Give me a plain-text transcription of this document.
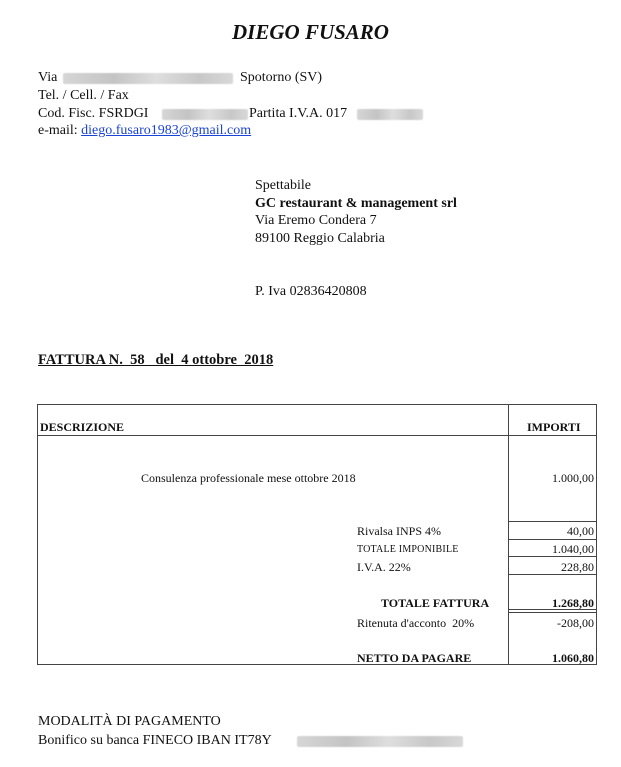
DIEGO FUSARO
Via	Spotorno (SV)
Tel. / Cell. / Fax
Cod. Fisc. FSRDGI	Partita I.V.A. 017
e-mail: diego.fusaro1983@gmail.com
Spettabile
GC restaurant & management srl
Via Eremo Condera 7
89100 Reggio Calabria
P. Iva 02836420808
FATTURA N.  58   del  4 ottobre  2018
DESCRIZIONE	IMPORTI
Consulenza professionale mese ottobre 2018	1.000,00
Rivalsa INPS 4%	40,00
TOTALE IMPONIBILE	1.040,00
I.V.A. 22%	228,80
TOTALE FATTURA	1.268,80
Ritenuta d'acconto  20%	-208,00
NETTO DA PAGARE	1.060,80
MODALITÀ DI PAGAMENTO
Bonifico su banca FINECO IBAN IT78Y
